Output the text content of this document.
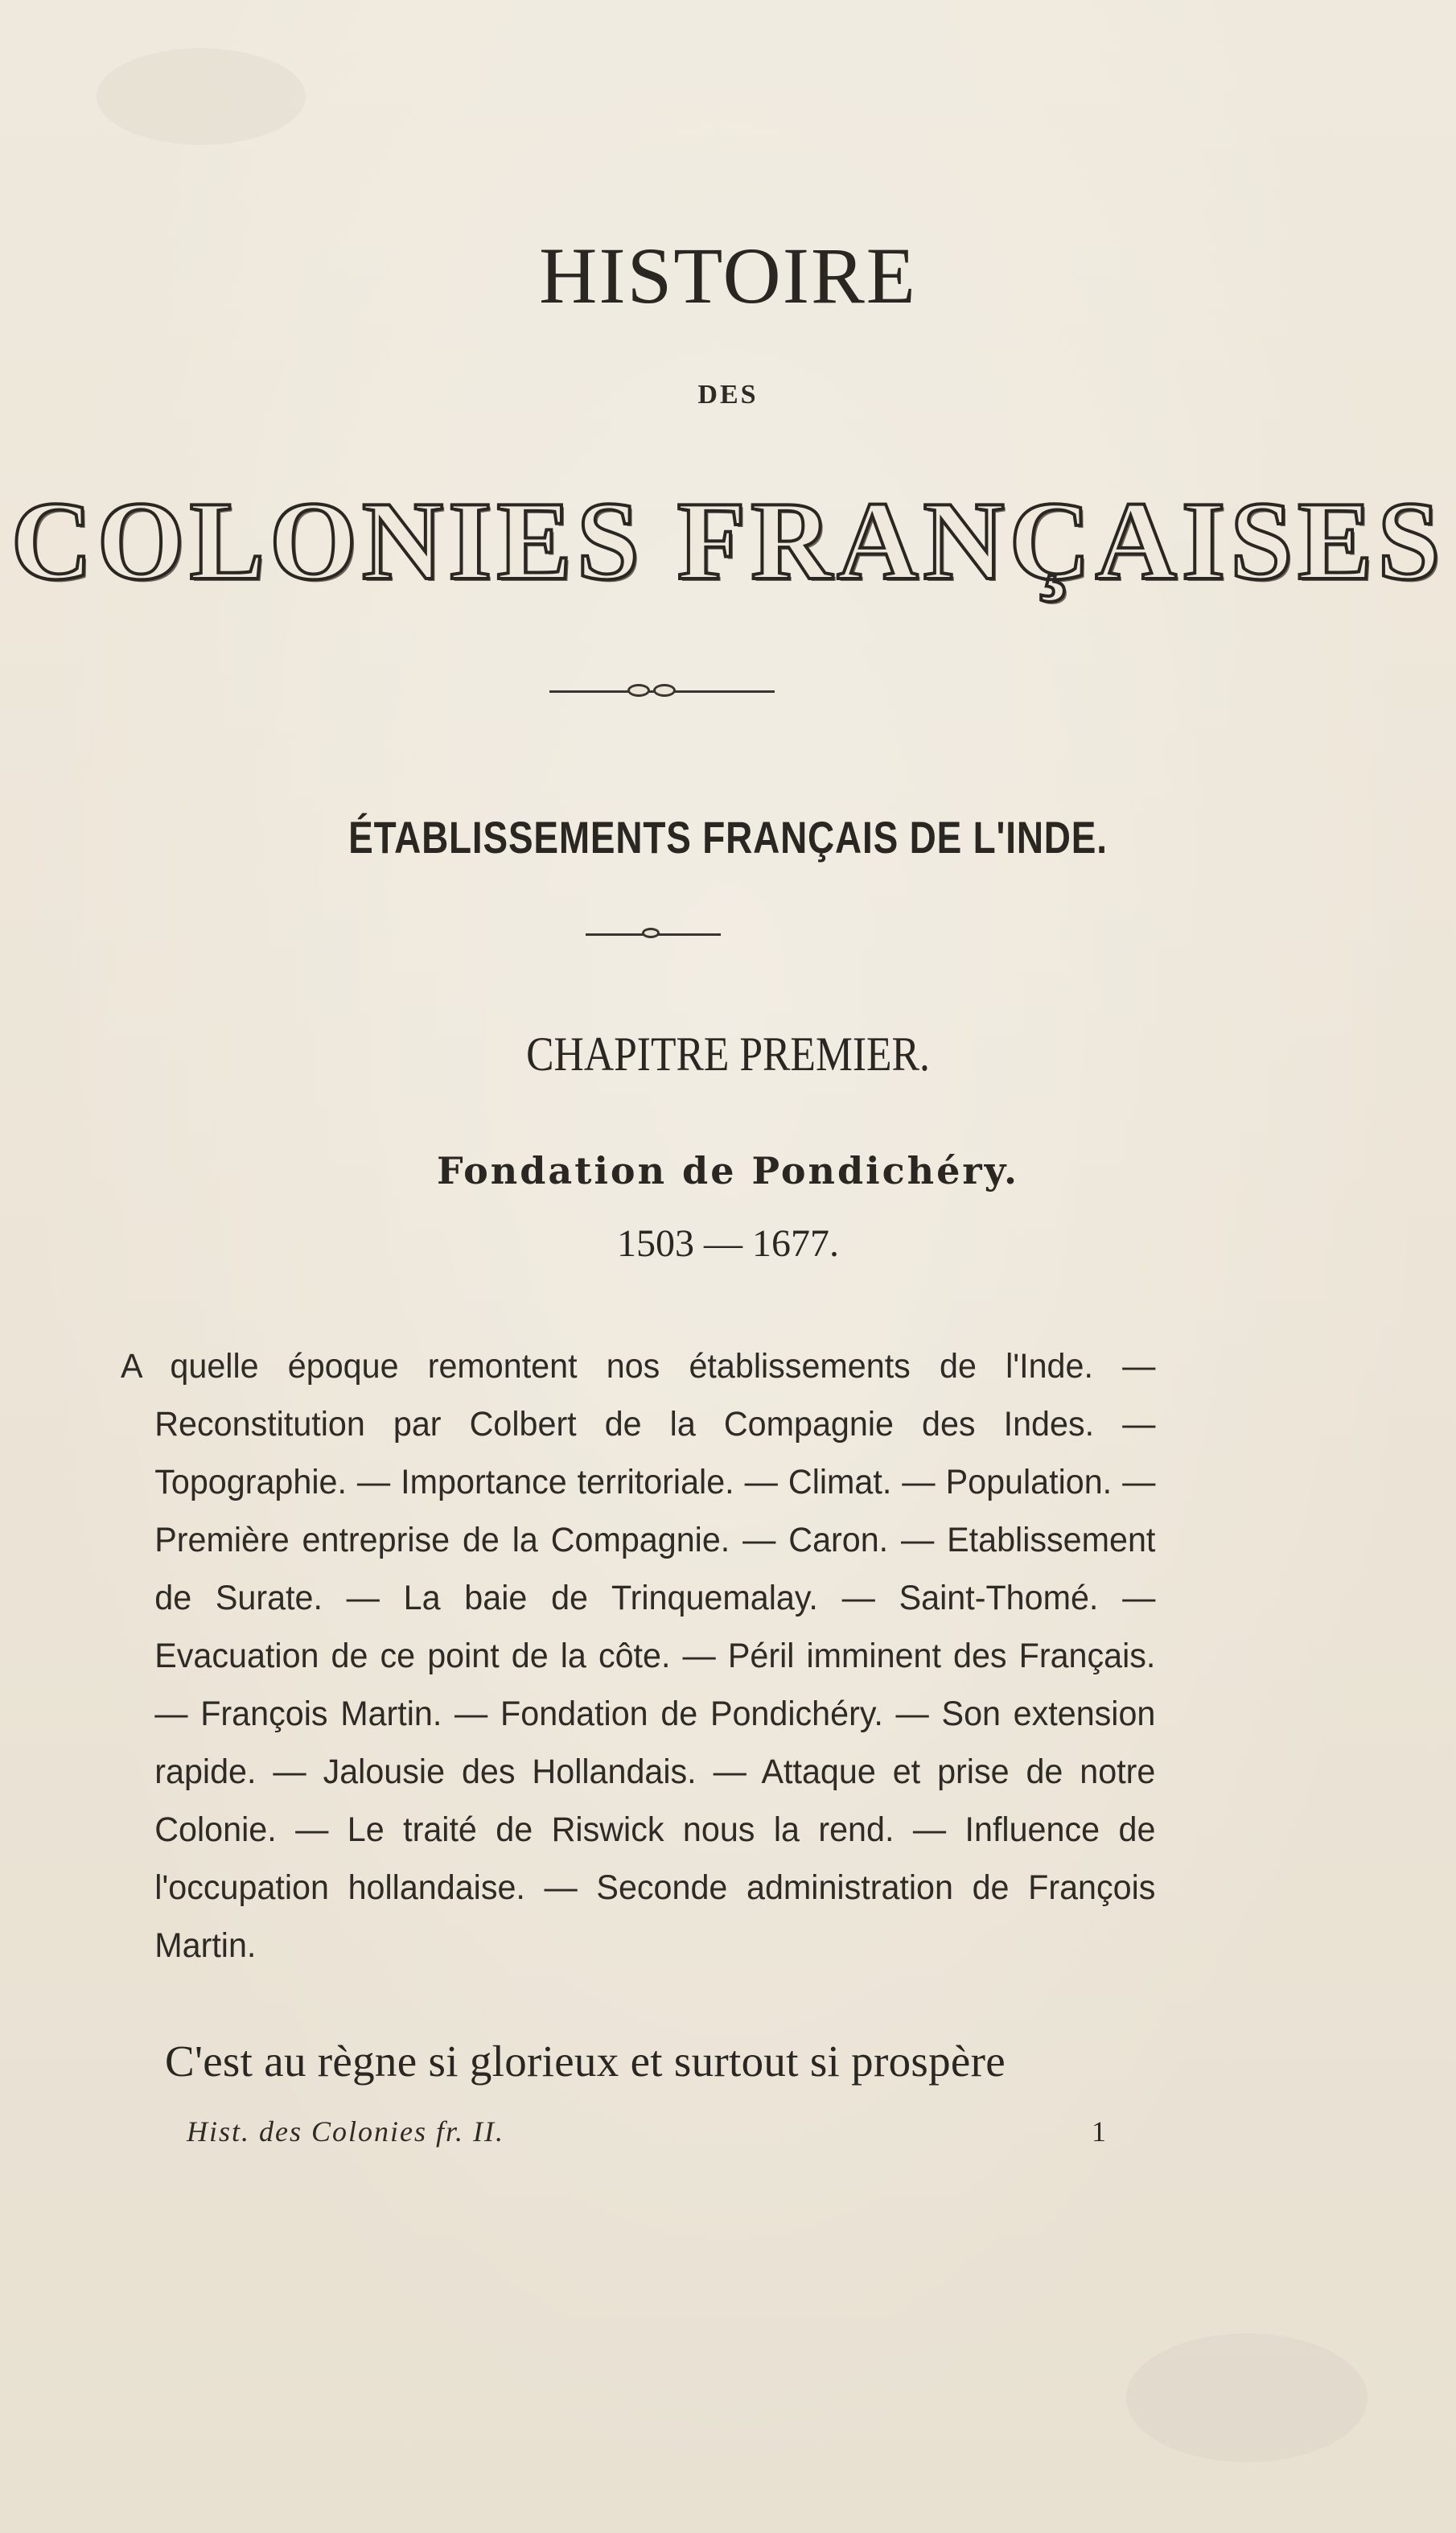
HISTOIRE
DES
COLONIES FRANÇAISES
ÉTABLISSEMENTS FRANÇAIS DE L'INDE.
CHAPITRE PREMIER.
Fondation de Pondichéry.
1503 — 1677.
A quelle époque remontent nos établissements de l'Inde. — Reconstitution par Colbert de la Compagnie des Indes. — Topographie. — Importance territoriale. — Climat. — Population. — Première entreprise de la Compagnie. — Caron. — Etablissement de Surate. — La baie de Trinquemalay. — Saint-Thomé. — Evacuation de ce point de la côte. — Péril imminent des Français. — François Martin. — Fondation de Pondichéry. — Son extension rapide. — Jalousie des Hollandais. — Attaque et prise de notre Colonie. — Le traité de Riswick nous la rend. — Influence de l'occupation hollandaise. — Seconde administration de François Martin.
C'est au règne si glorieux et surtout si prospère
Hist. des Colonies fr. II.	1
